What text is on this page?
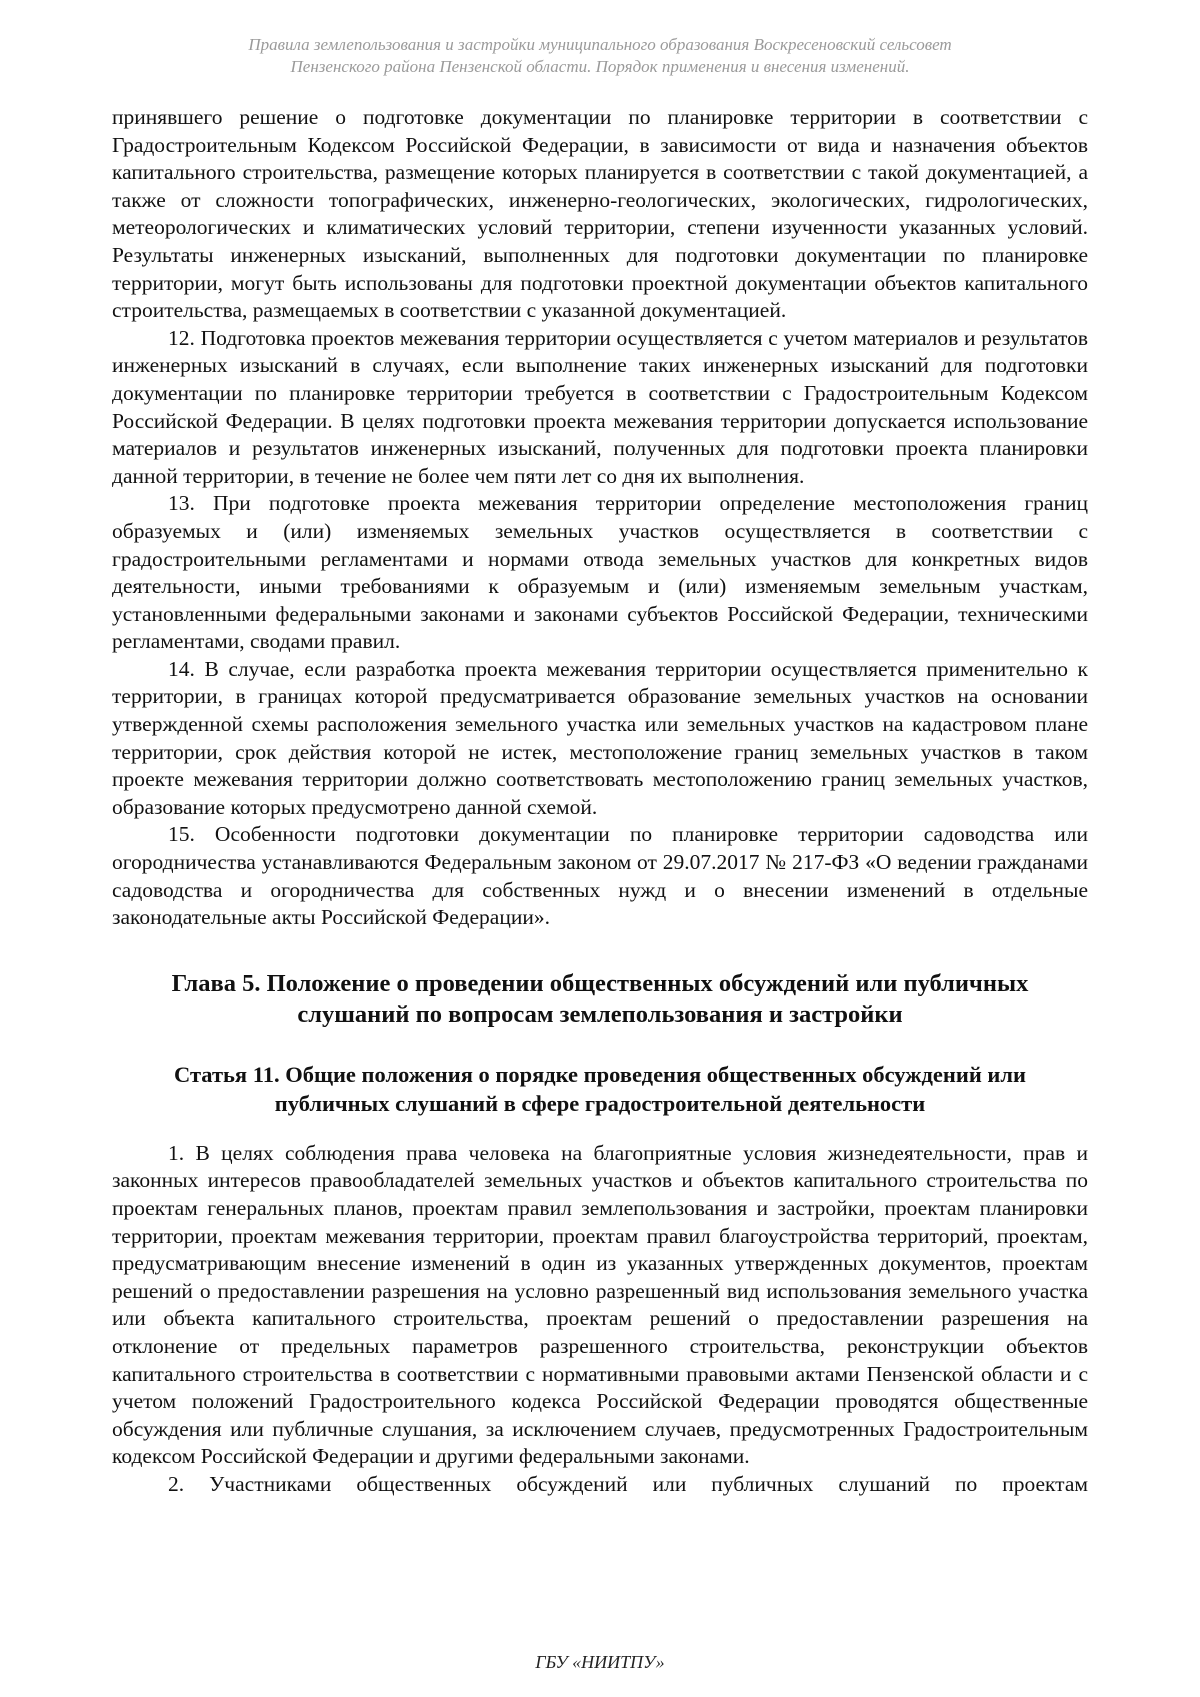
Правила землепользования и застройки муниципального образования Воскресеновский сельсовет
Пензенского района Пензенской области. Порядок применения и внесения изменений.

принявшего решение о подготовке документации по планировке территории в соответствии с Градостроительным Кодексом Российской Федерации, в зависимости от вида и назначения объектов капитального строительства, размещение которых планируется в соответствии с такой документацией, а также от сложности топографических, инженерно-геологических, экологических, гидрологических, метеорологических и климатических условий территории, степени изученности указанных условий. Результаты инженерных изысканий, выполненных для подготовки документации по планировке территории, могут быть использованы для подготовки проектной документации объектов капитального строительства, размещаемых в соответствии с указанной документацией.

12. Подготовка проектов межевания территории осуществляется с учетом материалов и результатов инженерных изысканий в случаях, если выполнение таких инженерных изысканий для подготовки документации по планировке территории требуется в соответствии с Градостроительным Кодексом Российской Федерации. В целях подготовки проекта межевания территории допускается использование материалов и результатов инженерных изысканий, полученных для подготовки проекта планировки данной территории, в течение не более чем пяти лет со дня их выполнения.

13. При подготовке проекта межевания территории определение местоположения границ образуемых и (или) изменяемых земельных участков осуществляется в соответствии с градостроительными регламентами и нормами отвода земельных участков для конкретных видов деятельности, иными требованиями к образуемым и (или) изменяемым земельным участкам, установленными федеральными законами и законами субъектов Российской Федерации, техническими регламентами, сводами правил.

14. В случае, если разработка проекта межевания территории осуществляется применительно к территории, в границах которой предусматривается образование земельных участков на основании утвержденной схемы расположения земельного участка или земельных участков на кадастровом плане территории, срок действия которой не истек, местоположение границ земельных участков в таком проекте межевания территории должно соответствовать местоположению границ земельных участков, образование которых предусмотрено данной схемой.

15. Особенности подготовки документации по планировке территории садоводства или огородничества устанавливаются Федеральным законом от 29.07.2017 № 217-ФЗ «О ведении гражданами садоводства и огородничества для собственных нужд и о внесении изменений в отдельные законодательные акты Российской Федерации».

Глава 5. Положение о проведении общественных обсуждений или публичных
слушаний по вопросам землепользования и застройки
Статья 11. Общие положения о порядке проведения общественных обсуждений или
публичных слушаний в сфере градостроительной деятельности

1. В целях соблюдения права человека на благоприятные условия жизнедеятельности, прав и законных интересов правообладателей земельных участков и объектов капитального строительства по проектам генеральных планов, проектам правил землепользования и застройки, проектам планировки территории, проектам межевания территории, проектам правил благоустройства территорий, проектам, предусматривающим внесение изменений в один из указанных утвержденных документов, проектам решений о предоставлении разрешения на условно разрешенный вид использования земельного участка или объекта капитального строительства, проектам решений о предоставлении разрешения на отклонение от предельных параметров разрешенного строительства, реконструкции объектов капитального строительства в соответствии с нормативными правовыми актами Пензенской области и с учетом положений Градостроительного кодекса Российской Федерации проводятся общественные обсуждения или публичные слушания, за исключением случаев, предусмотренных Градостроительным кодексом Российской Федерации и другими федеральными законами.

2. Участниками общественных обсуждений или публичных слушаний по проектам

ГБУ «НИИТПУ»
